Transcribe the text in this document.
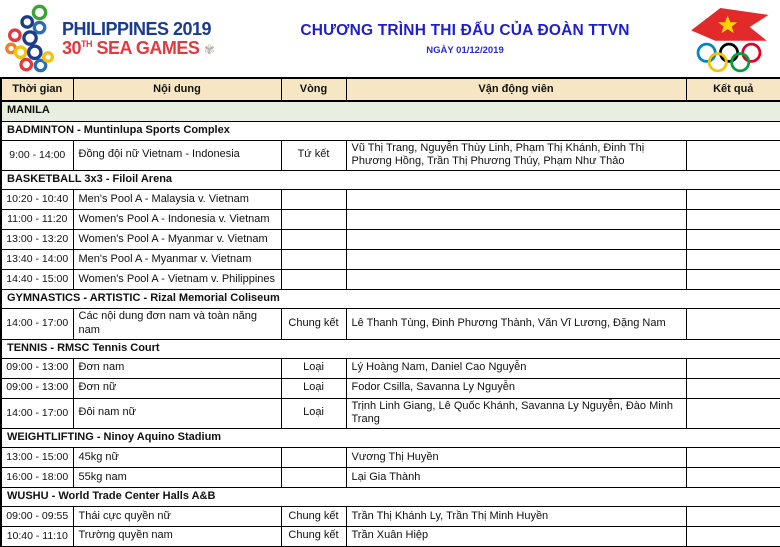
PHILIPPINES 2019
30TH SEA GAMES ✾
CHƯƠNG TRÌNH THI ĐẤU CỦA ĐOÀN TTVN
NGÀY 01/12/2019
Thời gian	Nội dung	Vòng	Vận động viên	Kết quả
MANILA				
BADMINTON - Muntinlupa Sports Complex				
9:00 - 14:00	Đồng đội nữ Vietnam - Indonesia	Tứ kết	Vũ Thị Trang, Nguyễn Thùy Linh, Phạm Thị Khánh, Đinh Thị Phương Hồng, Trần Thị Phương Thúy, Phạm Như Thảo	
BASKETBALL 3x3 - Filoil Arena				
10:20 - 10:40	Men's Pool A - Malaysia v. Vietnam			
11:00 - 11:20	Women's Pool A - Indonesia v. Vietnam			
13:00 - 13:20	Women's Pool A - Myanmar v. Vietnam			
13:40 - 14:00	Men's Pool A - Myanmar v. Vietnam			
14:40 - 15:00	Women's Pool A - Vietnam v. Philippines			
GYMNASTICS - ARTISTIC - Rizal Memorial Coliseum				
14:00 - 17:00	Các nội dung đơn nam và toàn năng nam	Chung kết	Lê Thanh Tùng, Đinh Phương Thành, Văn Vĩ Lương, Đặng Nam	
TENNIS - RMSC Tennis Court				
09:00 - 13:00	Đơn nam	Loại	Lý Hoàng Nam, Daniel Cao Nguyễn	
09:00 - 13:00	Đơn nữ	Loại	Fodor Csilla, Savanna Ly Nguyễn	
14:00 - 17:00	Đôi nam nữ	Loại	Trịnh Linh Giang, Lê Quốc Khánh, Savanna Ly Nguyễn, Đào Minh Trang	
WEIGHTLIFTING - Ninoy Aquino Stadium				
13:00 - 15:00	45kg nữ		Vương Thị Huyền	
16:00 - 18:00	55kg nam		Lại Gia Thành	
WUSHU - World Trade Center Halls A&B				
09:00 - 09:55	Thái cực quyền nữ	Chung kết	Trần Thị Khánh Ly, Trần Thị Minh Huyền	
10:40 - 11:10	Trường quyền nam	Chung kết	Trần Xuân Hiệp	
